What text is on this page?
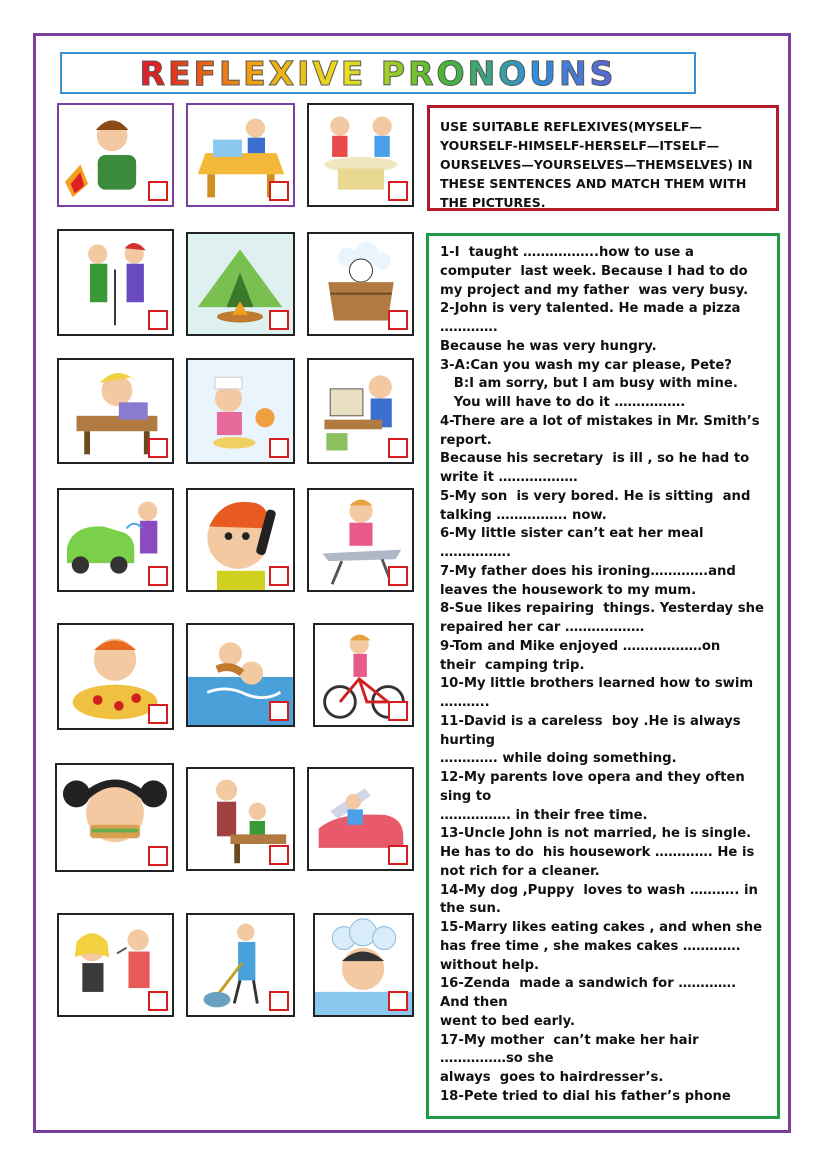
REFLEXIVE PRONOUNS
USE SUITABLE REFLEXIVES(MYSELF—YOURSELF-HIMSELF-HERSELF—ITSELF—OURSELVES—YOURSELVES—THEMSELVES) IN THESE SENTENCES AND MATCH THEM WITH THE PICTURES.
1-I  taught ……………..how to use a
computer  last week. Because I had to do
my project and my father  was very busy.
2-John is very talented. He made a pizza
………….
Because he was very hungry.
3-A:Can you wash my car please, Pete?
B:I am sorry, but I am busy with mine.
You will have to do it …………….
4-There are a lot of mistakes in Mr. Smith’s
report.
Because his secretary  is ill , so he had to
write it ………………
5-My son  is very bored. He is sitting  and
talking ……………. now.
6-My little sister can’t eat her meal
…………….
7-My father does his ironing………….and
leaves the housework to my mum.
8-Sue likes repairing  things. Yesterday she
repaired her car ………………
9-Tom and Mike enjoyed ………………on
their  camping trip.
10-My little brothers learned how to swim
………..
11-David is a careless  boy .He is always
hurting
…………. while doing something.
12-My parents love opera and they often
sing to
……………. in their free time.
13-Uncle John is not married, he is single.
He has to do  his housework …………. He is
not rich for a cleaner.
14-My dog ,Puppy  loves to wash ……….. in
the sun.
15-Marry likes eating cakes , and when she
has free time , she makes cakes ………….
without help.
16-Zenda  made a sandwich for ………….
And then
went to bed early.
17-My mother  can’t make her hair
……………so she
always  goes to hairdresser’s.
18-Pete tried to dial his father’s phone
